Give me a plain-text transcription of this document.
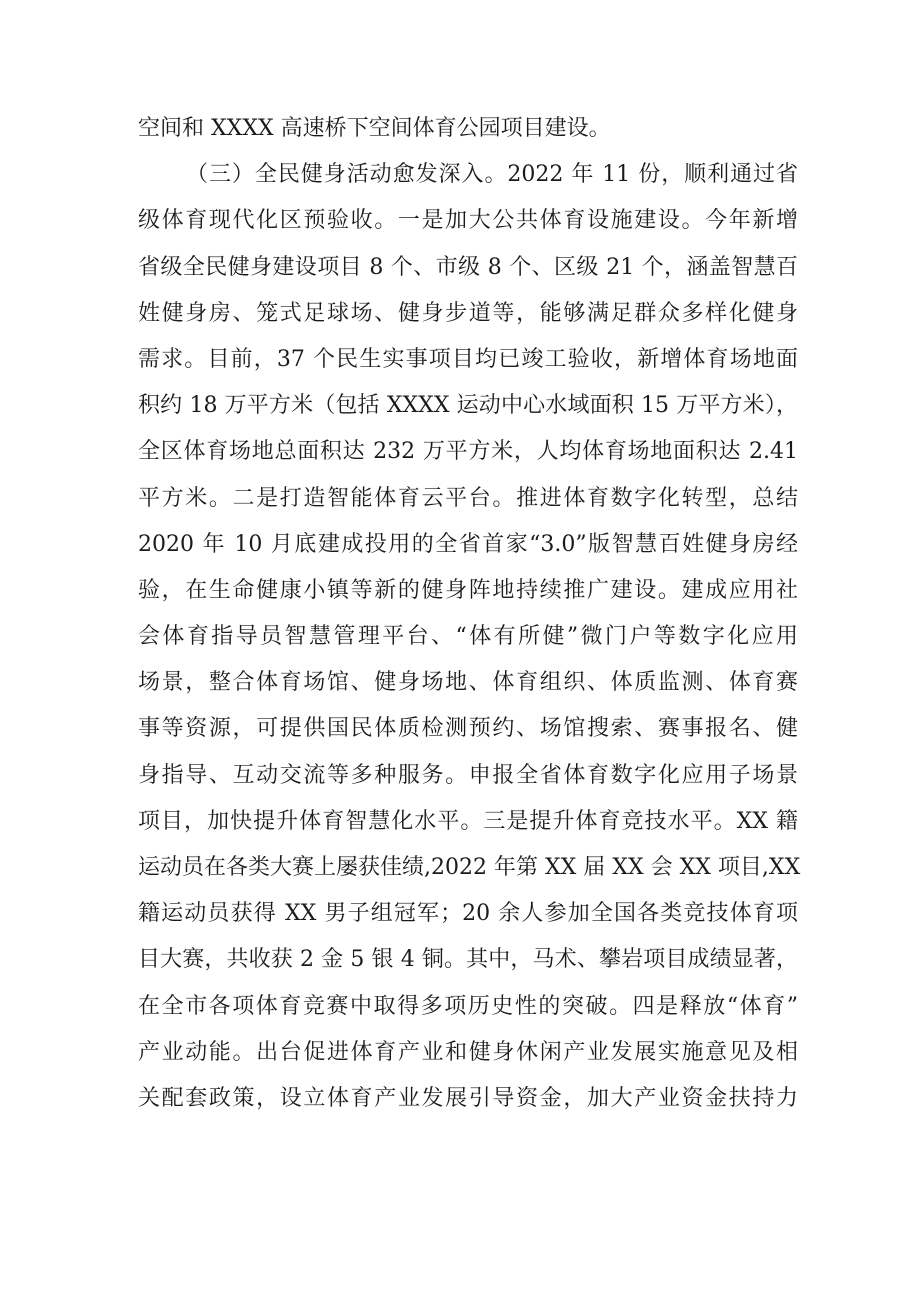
空间和 XXXX 高速桥下空间体育公园项目建设。
（三）全民健身活动愈发深入。2022 年 11 份，顺利通过省
级体育现代化区预验收。一是加大公共体育设施建设。今年新增
省级全民健身建设项目 8 个、市级 8 个、区级 21 个，涵盖智慧百
姓健身房、笼式足球场、健身步道等，能够满足群众多样化健身
需求。目前，37 个民生实事项目均已竣工验收，新增体育场地面
积约 18 万平方米（包括 XXXX 运动中心水域面积 15 万平方米），
全区体育场地总面积达 232 万平方米，人均体育场地面积达 2.41
平方米。二是打造智能体育云平台。推进体育数字化转型，总结
2020 年 10 月底建成投用的全省首家“3.0”版智慧百姓健身房经
验，在生命健康小镇等新的健身阵地持续推广建设。建成应用社
会体育指导员智慧管理平台、“体有所健”微门户等数字化应用
场景，整合体育场馆、健身场地、体育组织、体质监测、体育赛
事等资源，可提供国民体质检测预约、场馆搜索、赛事报名、健
身指导、互动交流等多种服务。申报全省体育数字化应用子场景
项目，加快提升体育智慧化水平。三是提升体育竞技水平。XX 籍
运动员在各类大赛上屡获佳绩,2022 年第 XX 届 XX 会 XX 项目,XX
籍运动员获得 XX 男子组冠军；20 余人参加全国各类竞技体育项
目大赛，共收获 2 金 5 银 4 铜。其中，马术、攀岩项目成绩显著，
在全市各项体育竞赛中取得多项历史性的突破。四是释放“体育”
产业动能。出台促进体育产业和健身休闲产业发展实施意见及相
关配套政策，设立体育产业发展引导资金，加大产业资金扶持力
